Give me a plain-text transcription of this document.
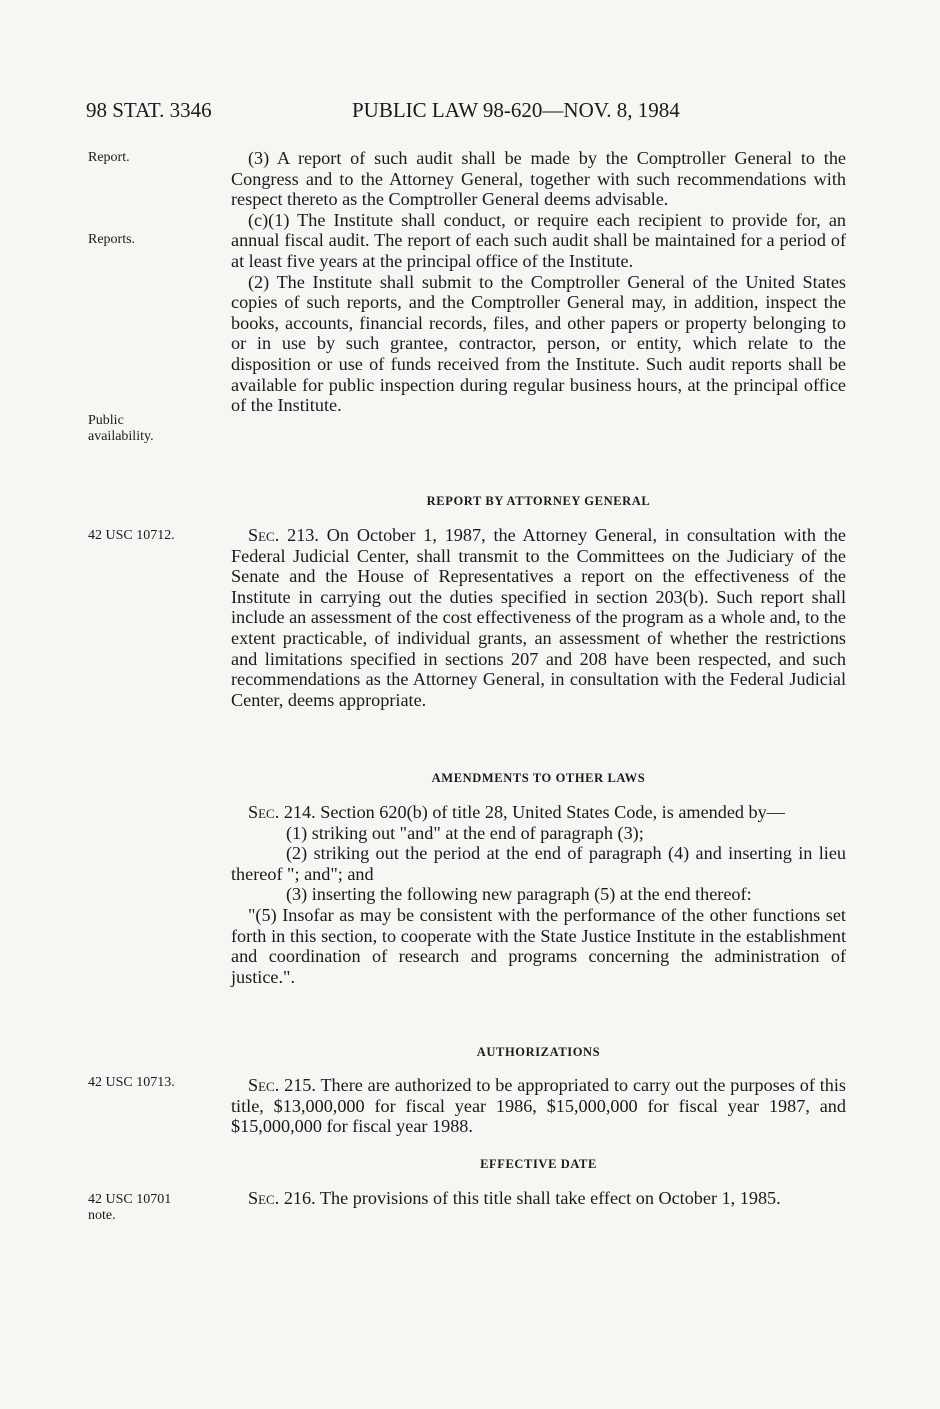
98 STAT. 3346	PUBLIC LAW 98-620—NOV. 8, 1984
Report.
Reports.
Public
availability.
42 USC 10712.
42 USC 10713.
42 USC 10701
note.

(3) A report of such audit shall be made by the Comptroller General to the Congress and to the Attorney General, together with such recommendations with respect thereto as the Comptroller General deems advisable.

(c)(1) The Institute shall conduct, or require each recipient to provide for, an annual fiscal audit. The report of each such audit shall be maintained for a period of at least five years at the principal office of the Institute.

(2) The Institute shall submit to the Comptroller General of the United States copies of such reports, and the Comptroller General may, in addition, inspect the books, accounts, financial records, files, and other papers or property belonging to or in use by such grantee, contractor, person, or entity, which relate to the disposition or use of funds received from the Institute. Such audit reports shall be available for public inspection during regular business hours, at the principal office of the Institute.

REPORT BY ATTORNEY GENERAL

Sec. 213. On October 1, 1987, the Attorney General, in consultation with the Federal Judicial Center, shall transmit to the Committees on the Judiciary of the Senate and the House of Representatives a report on the effectiveness of the Institute in carrying out the duties specified in section 203(b). Such report shall include an assessment of the cost effectiveness of the program as a whole and, to the extent practicable, of individual grants, an assessment of whether the restrictions and limitations specified in sections 207 and 208 have been respected, and such recommendations as the Attorney General, in consultation with the Federal Judicial Center, deems appropriate.

AMENDMENTS TO OTHER LAWS

Sec. 214. Section 620(b) of title 28, United States Code, is amended by—

(1) striking out "and" at the end of paragraph (3);

(2) striking out the period at the end of paragraph (4) and inserting in lieu thereof "; and"; and

(3) inserting the following new paragraph (5) at the end thereof:

"(5) Insofar as may be consistent with the performance of the other functions set forth in this section, to cooperate with the State Justice Institute in the establishment and coordination of research and programs concerning the administration of justice.".

AUTHORIZATIONS

Sec. 215. There are authorized to be appropriated to carry out the purposes of this title, $13,000,000 for fiscal year 1986, $15,000,000 for fiscal year 1987, and $15,000,000 for fiscal year 1988.

EFFECTIVE DATE

Sec. 216. The provisions of this title shall take effect on October 1, 1985.
